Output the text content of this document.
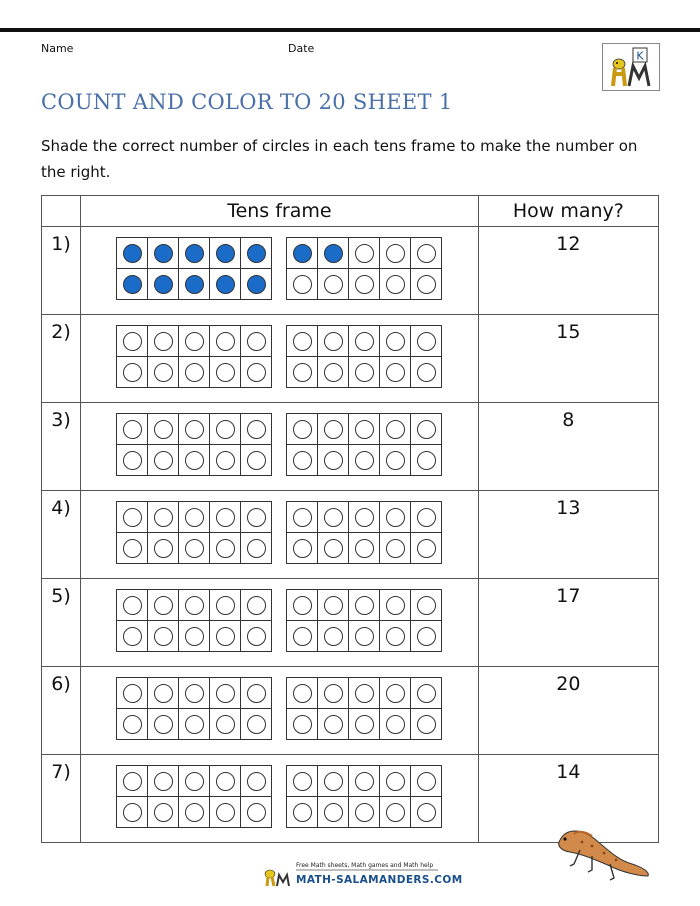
Name	Date
K
COUNT AND COLOR TO 20 SHEET 1

Shade the correct number of circles in each tens frame to make the number on the right.

	Tens frame	How many?
1)		12
2)		15
3)		8
4)		13
5)		17
6)		20
7)		14
Free Math sheets, Math games and Math help
MATH-SALAMANDERS.COM
